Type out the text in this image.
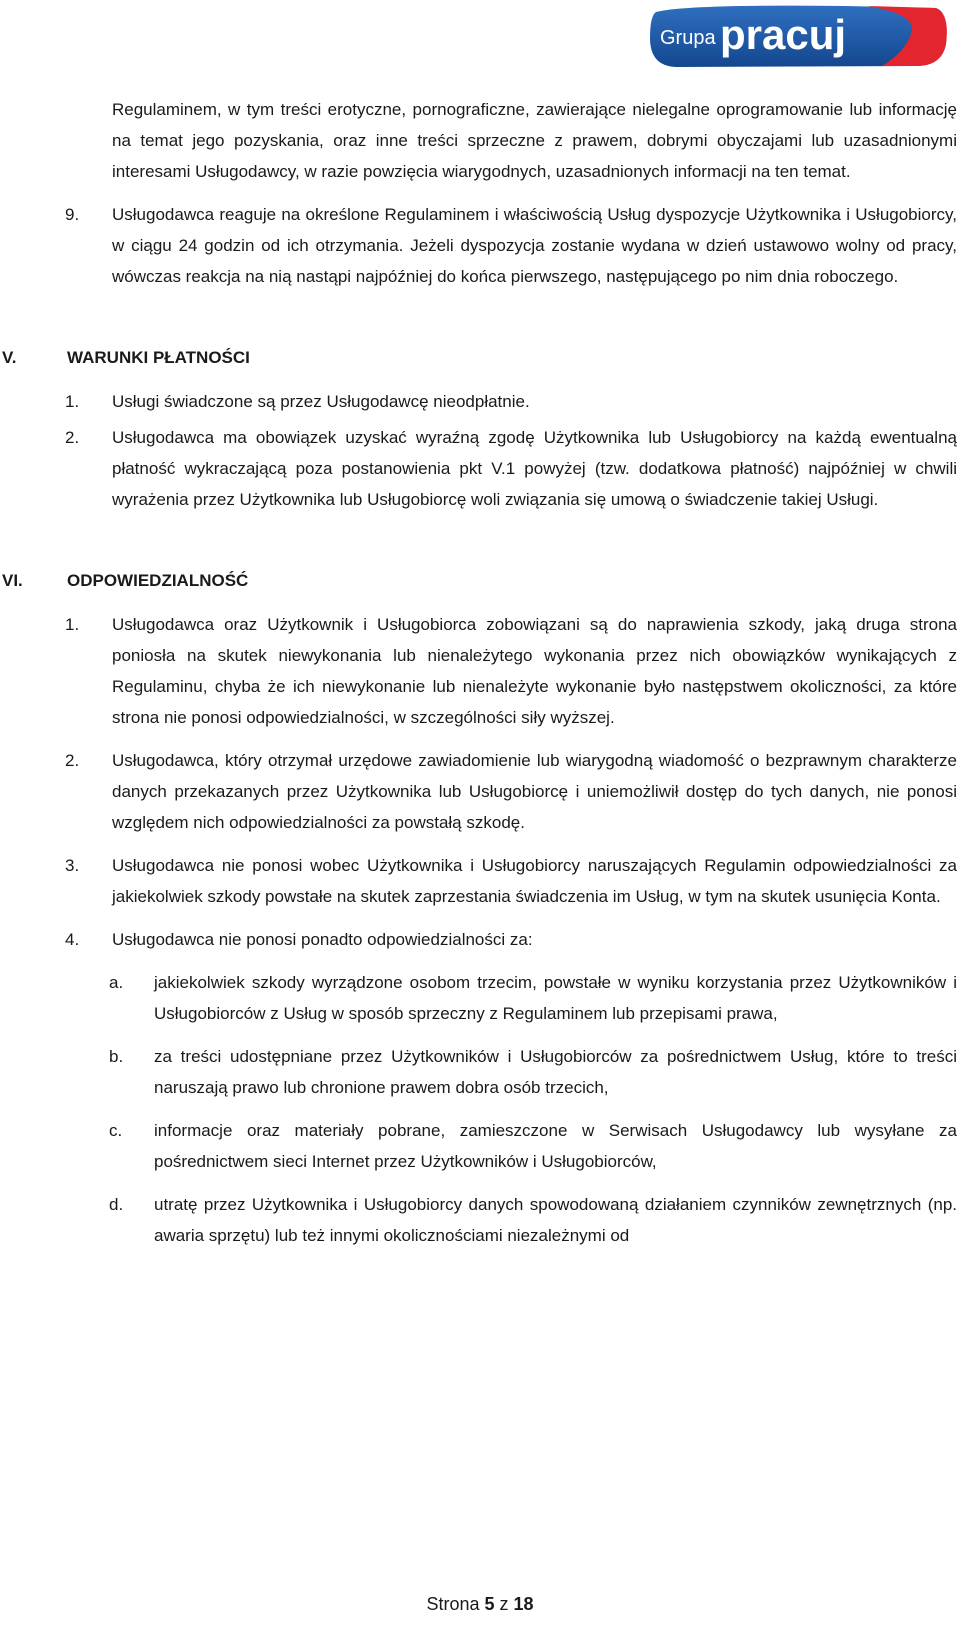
Grupa pracuj
Regulaminem, w tym treści erotyczne, pornograficzne, zawierające nielegalne oprogramowanie lub informację na temat jego pozyskania, oraz inne treści sprzeczne z prawem, dobrymi obyczajami lub uzasadnionymi interesami Usługodawcy, w razie powzięcia wiarygodnych, uzasadnionych informacji na ten temat.
9. Usługodawca reaguje na określone Regulaminem i właściwością Usług dyspozycje Użytkownika i Usługobiorcy, w ciągu 24 godzin od ich otrzymania. Jeżeli dyspozycja zostanie wydana w dzień ustawowo wolny od pracy, wówczas reakcja na nią nastąpi najpóźniej do końca pierwszego, następującego po nim dnia roboczego.
V.	WARUNKI PŁATNOŚCI
1. Usługi świadczone są przez Usługodawcę nieodpłatnie.
2. Usługodawca ma obowiązek uzyskać wyraźną zgodę Użytkownika lub Usługobiorcy na każdą ewentualną płatność wykraczającą poza postanowienia pkt V.1 powyżej (tzw. dodatkowa płatność) najpóźniej w chwili wyrażenia przez Użytkownika lub Usługobiorcę woli związania się umową o świadczenie takiej Usługi.
VI.	ODPOWIEDZIALNOŚĆ
1. Usługodawca oraz Użytkownik i Usługobiorca zobowiązani są do naprawienia szkody, jaką druga strona poniosła na skutek niewykonania lub nienależytego wykonania przez nich obowiązków wynikających z Regulaminu, chyba że ich niewykonanie lub nienależyte wykonanie było następstwem okoliczności, za które strona nie ponosi odpowiedzialności, w szczególności siły wyższej.
2. Usługodawca, który otrzymał urzędowe zawiadomienie lub wiarygodną wiadomość o bezprawnym charakterze danych przekazanych przez Użytkownika lub Usługobiorcę i uniemożliwił dostęp do tych danych, nie ponosi względem nich odpowiedzialności za powstałą szkodę.
3. Usługodawca nie ponosi wobec Użytkownika i Usługobiorcy naruszających Regulamin odpowiedzialności za jakiekolwiek szkody powstałe na skutek zaprzestania świadczenia im Usług, w tym na skutek usunięcia Konta.
4. Usługodawca nie ponosi ponadto odpowiedzialności za:
a. jakiekolwiek szkody wyrządzone osobom trzecim, powstałe w wyniku korzystania przez Użytkowników i Usługobiorców z Usług w sposób sprzeczny z Regulaminem lub przepisami prawa,
b. za treści udostępniane przez Użytkowników i Usługobiorców za pośrednictwem Usług, które to treści naruszają prawo lub chronione prawem dobra osób trzecich,
c. informacje oraz materiały pobrane, zamieszczone w Serwisach Usługodawcy lub wysyłane za pośrednictwem sieci Internet przez Użytkowników i Usługobiorców,
d. utratę przez Użytkownika i Usługobiorcy danych spowodowaną działaniem czynników zewnętrznych (np. awaria sprzętu) lub też innymi okolicznościami niezależnymi od
Strona 5 z 18
